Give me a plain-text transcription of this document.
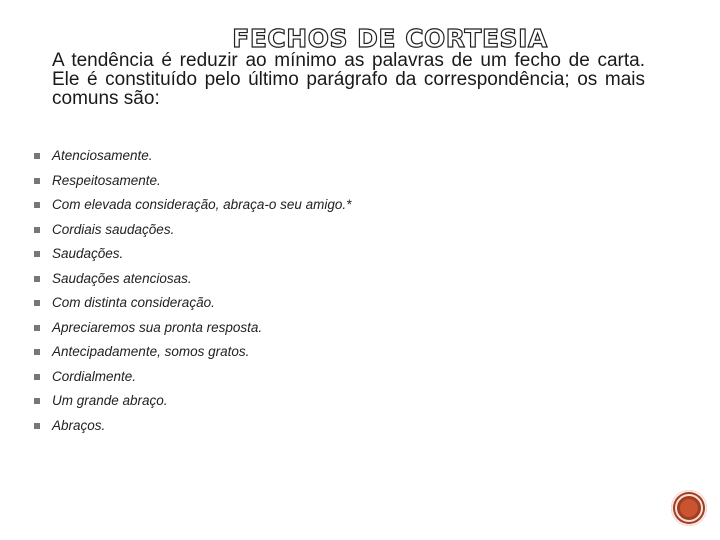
FECHOS DE CORTESIA

A tendência é reduzir ao mínimo as palavras de um fecho de carta. Ele é constituído pelo último parágrafo da correspondência; os mais comuns são:

Atenciosamente.
Respeitosamente.
Com elevada consideração, abraça-o seu amigo.*
Cordiais saudações.
Saudações.
Saudações atenciosas.
Com distinta consideração.
Apreciaremos sua pronta resposta.
Antecipadamente, somos gratos.
Cordialmente.
Um grande abraço.
Abraços.
